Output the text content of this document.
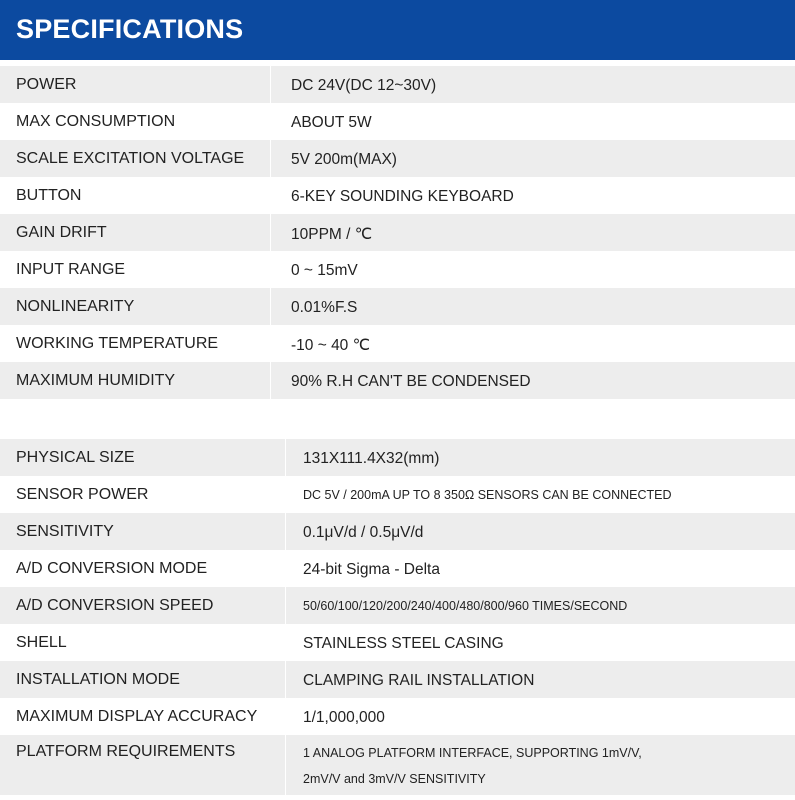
SPECIFICATIONS
POWER	DC 24V(DC 12~30V)
MAX CONSUMPTION	ABOUT 5W
SCALE EXCITATION VOLTAGE	5V 200m(MAX)
BUTTON	6-KEY SOUNDING KEYBOARD
GAIN DRIFT	10PPM / ℃
INPUT RANGE	0 ~ 15mV
NONLINEARITY	0.01%F.S
WORKING TEMPERATURE	-10 ~ 40 ℃
MAXIMUM HUMIDITY	90% R.H CAN'T BE CONDENSED
PHYSICAL SIZE	131X111.4X32(mm)
SENSOR POWER	DC 5V / 200mA UP TO 8 350Ω SENSORS CAN BE CONNECTED
SENSITIVITY	0.1μV/d / 0.5μV/d
A/D CONVERSION MODE	24-bit Sigma - Delta
A/D CONVERSION SPEED	50/60/100/120/200/240/400/480/800/960 TIMES/SECOND
SHELL	STAINLESS STEEL CASING
INSTALLATION MODE	CLAMPING RAIL INSTALLATION
MAXIMUM DISPLAY ACCURACY	1/1,000,000
PLATFORM REQUIREMENTS	1 ANALOG PLATFORM INTERFACE, SUPPORTING 1mV/V,
2mV/V and 3mV/V SENSITIVITY
